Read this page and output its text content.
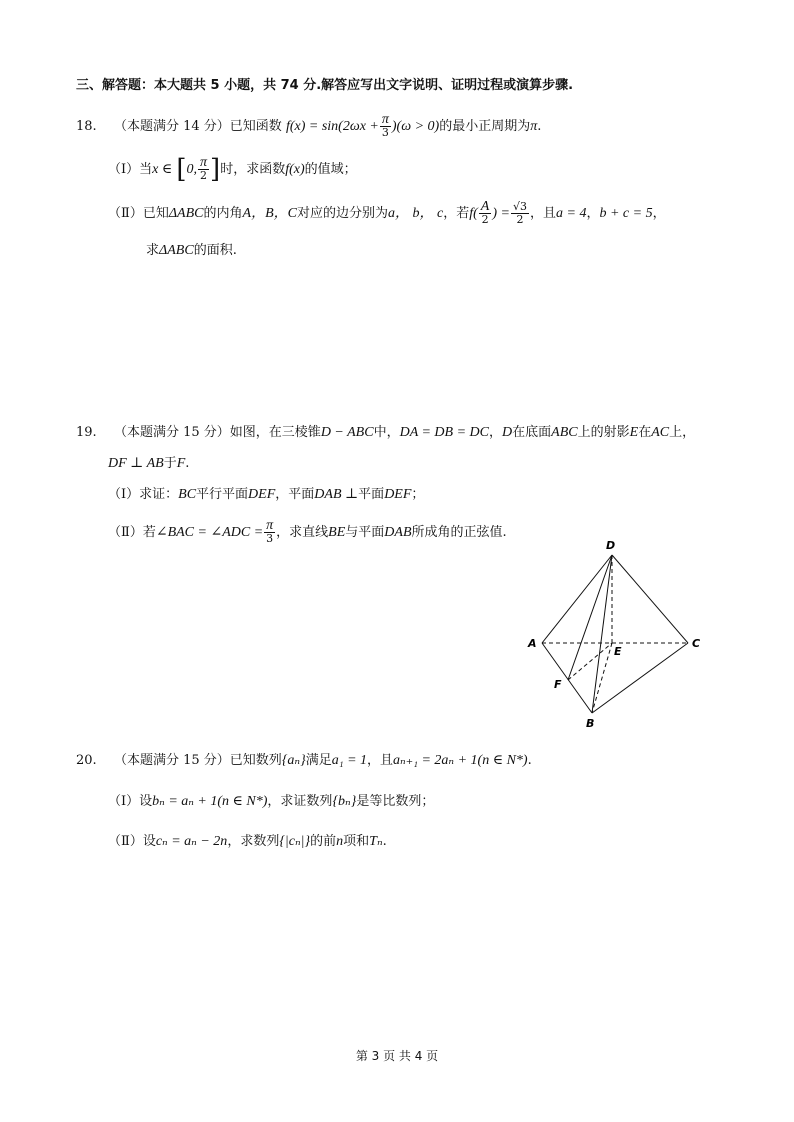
三、解答题：本大题共 5 小题，共 74 分.解答应写出文字说明、证明过程或演算步骤.
18. （本题满分 14 分）已知函数 $f(x) = \sin(2\omega x + \frac{\pi}{3} )(\omega > 0)$的最小正周期为π.
（Ⅰ）当x ∈ [0, $\frac{\pi}{2}$ ]时，求函数f(x)的值域；
（Ⅱ）已知ΔABC的内角A，B，C对应的边分别为a， b， c，若$f( \frac{A}{2}$ ) = $\frac{√3}{2}$ ，且a = 4，b + c = 5，
求ΔABC的面积.
19. （本题满分 15 分）如图，在三棱锥D − ABC中，DA = DB = DC，D在底面ABC上的射影E在AC上，
DF ⊥ AB于F.
（Ⅰ）求证：BC平行平面DEF，平面DAB ⊥平面DEF；
（Ⅱ）若∠BAC = ∠ADC = $\frac{\pi}{3}$ ，求直线BE与平面DAB所成角的正弦值.
D
A	C
E
F
B
20. （本题满分 15 分）已知数列{aₙ}满足a₁ = 1，且aₙ₊₁ = 2aₙ + 1(n ∈ N*).
（Ⅰ）设bₙ = aₙ + 1(n ∈ N*)，求证数列{bₙ}是等比数列；
（Ⅱ）设cₙ = aₙ − 2n，求数列{|cₙ|}的前n项和Tₙ.
第 3 页 共 4 页
